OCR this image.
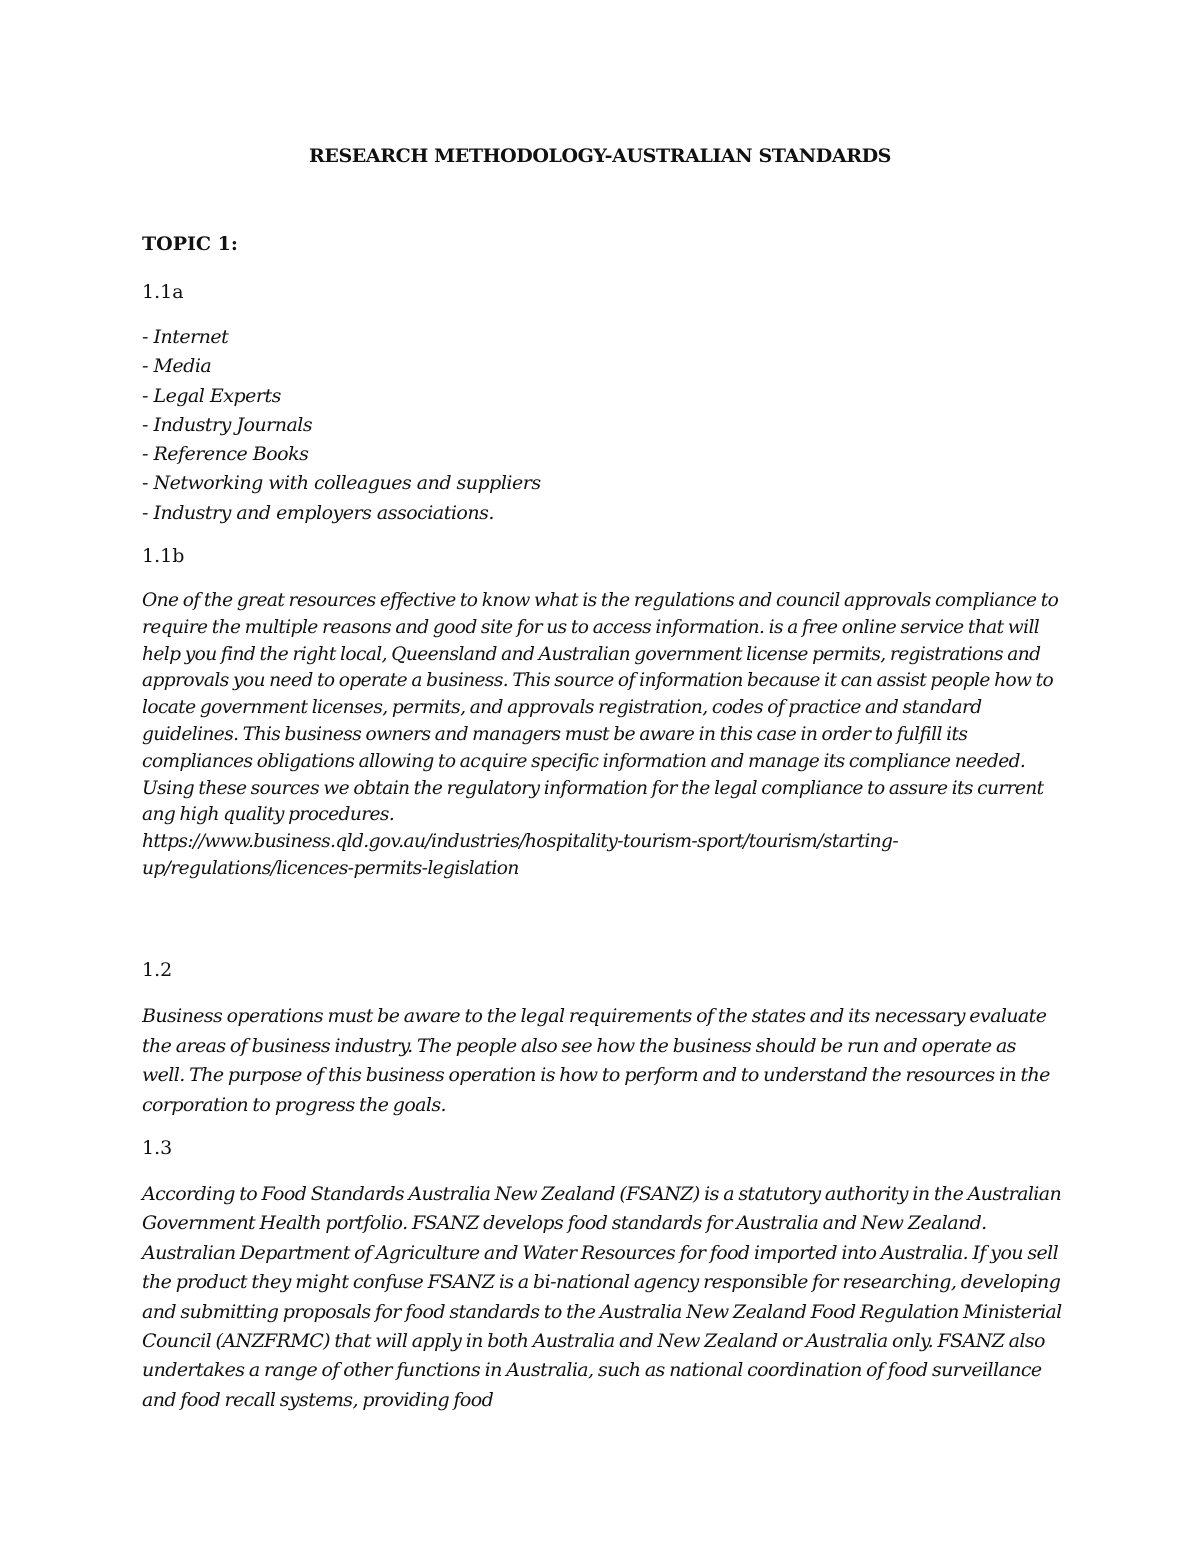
RESEARCH METHODOLOGY-AUSTRALIAN STANDARDS
TOPIC 1:
1.1a
- Internet
- Media
- Legal Experts
- Industry Journals
- Reference Books
- Networking with colleagues and suppliers
- Industry and employers associations.
1.1b
One of the great resources effective to know what is the regulations and council approvals compliance to require the multiple reasons and good site for us to access information. is a free online service that will help you find the right local, Queensland and Australian government license permits, registrations and approvals you need to operate a business. This source of information because it can assist people how to locate government licenses, permits, and approvals registration, codes of practice and standard guidelines. This business owners and managers must be aware in this case in order to fulfill its compliances obligations allowing to acquire specific information and manage its compliance needed. Using these sources we obtain the regulatory information for the legal compliance to assure its current ang high quality procedures.
https://www.business.qld.gov.au/industries/hospitality-tourism-sport/tourism/starting-up/regulations/licences-permits-legislation
1.2

Business operations must be aware to the legal requirements of the states and its necessary evaluate the areas of business industry. The people also see how the business should be run and operate as well. The purpose of this business operation is how to perform and to understand the resources in the corporation to progress the goals.

1.3

According to Food Standards Australia New Zealand (FSANZ) is a statutory authority in the Australian Government Health portfolio. FSANZ develops food standards for Australia and New Zealand. Australian Department of Agriculture and Water Resources for food imported into Australia. If you sell the product they might confuse FSANZ is a bi-national agency responsible for researching, developing and submitting proposals for food standards to the Australia New Zealand Food Regulation Ministerial Council (ANZFRMC) that will apply in both Australia and New Zealand or Australia only. FSANZ also undertakes a range of other functions in Australia, such as national coordination of food surveillance and food recall systems, providing food
